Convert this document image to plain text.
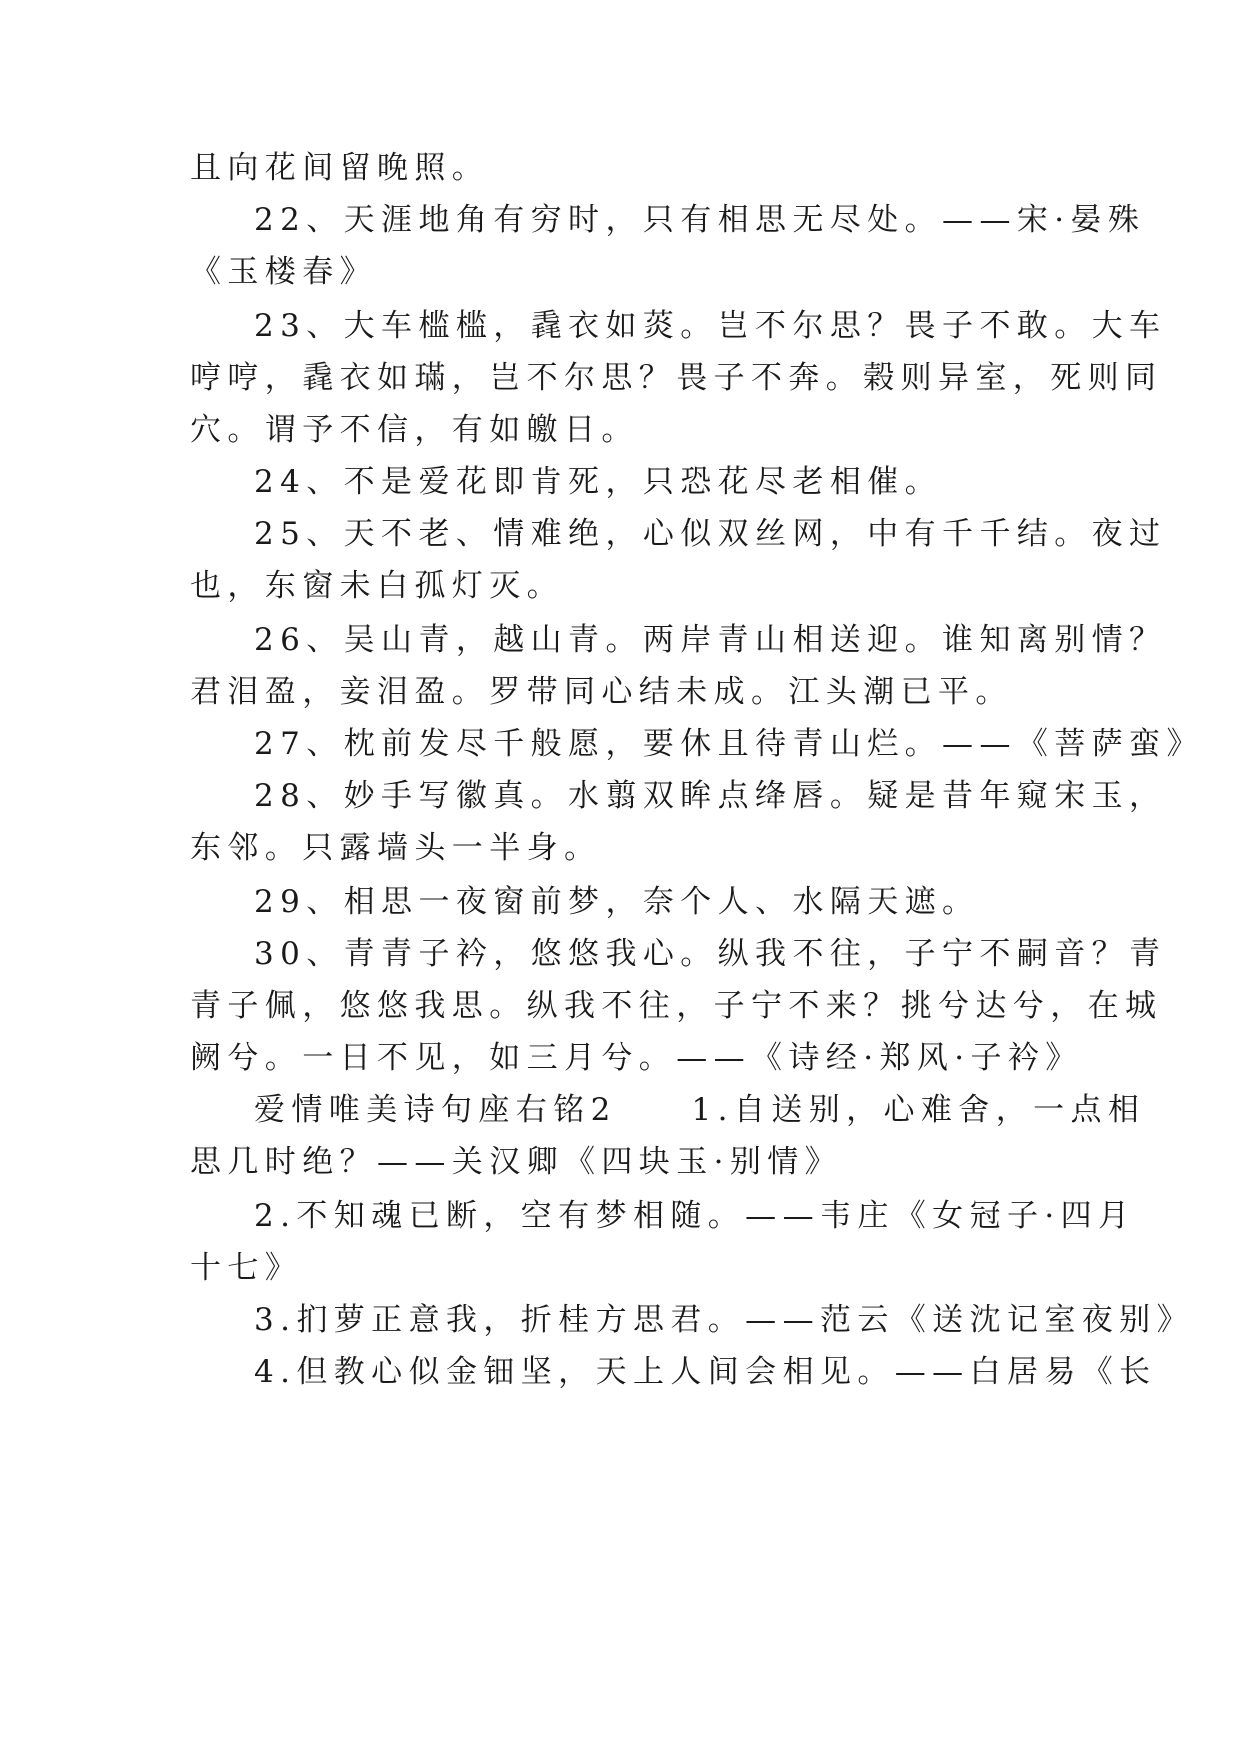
且向花间留晚照。
22、天涯地角有穷时，只有相思无尽处。——宋·晏殊
《玉楼春》
23、大车槛槛，毳衣如菼。岂不尔思？畏子不敢。大车
哼哼，毳衣如璊，岂不尔思？畏子不奔。榖则异室，死则同
穴。谓予不信，有如皦日。
24、不是爱花即肯死，只恐花尽老相催。
25、天不老、情难绝，心似双丝网，中有千千结。夜过
也，东窗未白孤灯灭。
26、吴山青，越山青。两岸青山相送迎。谁知离别情？
君泪盈，妾泪盈。罗带同心结未成。江头潮已平。
27、枕前发尽千般愿，要休且待青山烂。——《菩萨蛮》
28、妙手写徽真。水翦双眸点绛唇。疑是昔年窥宋玉，
东邻。只露墙头一半身。
29、相思一夜窗前梦，奈个人、水隔天遮。
30、青青子衿，悠悠我心。纵我不往，子宁不嗣音？青
青子佩，悠悠我思。纵我不往，子宁不来？挑兮达兮，在城
阙兮。一日不见，如三月兮。——《诗经·郑风·子衿》
爱情唯美诗句座右铭2　　1.自送别，心难舍，一点相
思几时绝？——关汉卿《四块玉·别情》
2.不知魂已断，空有梦相随。——韦庄《女冠子·四月
十七》
3.扪萝正意我，折桂方思君。——范云《送沈记室夜别》
4.但教心似金钿坚，天上人间会相见。——白居易《长
